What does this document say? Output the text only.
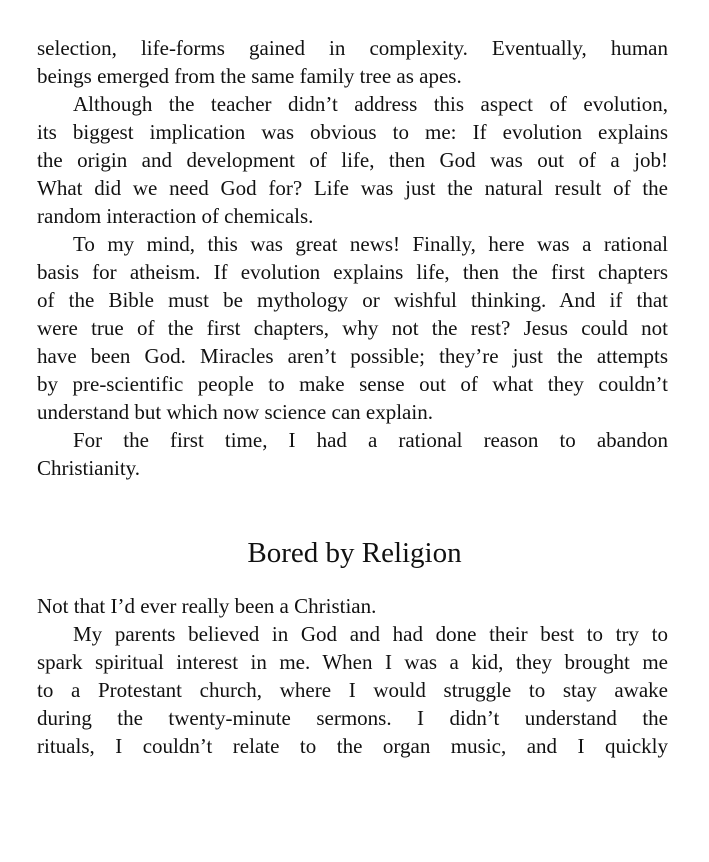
selection, life-forms gained in complexity. Eventually, human
beings emerged from the same family tree as apes.
Although the teacher didn’t address this aspect of evolution,
its biggest implication was obvious to me: If evolution explains
the origin and development of life, then God was out of a job!
What did we need God for? Life was just the natural result of the
random interaction of chemicals.
To my mind, this was great news! Finally, here was a rational
basis for atheism. If evolution explains life, then the first chapters
of the Bible must be mythology or wishful thinking. And if that
were true of the first chapters, why not the rest? Jesus could not
have been God. Miracles aren’t possible; they’re just the attempts
by pre-scientific people to make sense out of what they couldn’t
understand but which now science can explain.
For the first time, I had a rational reason to abandon
Christianity.
Bored by Religion
Not that I’d ever really been a Christian.
My parents believed in God and had done their best to try to
spark spiritual interest in me. When I was a kid, they brought me
to a Protestant church, where I would struggle to stay awake
during the twenty-minute sermons. I didn’t understand the
rituals, I couldn’t relate to the organ music, and I quickly
